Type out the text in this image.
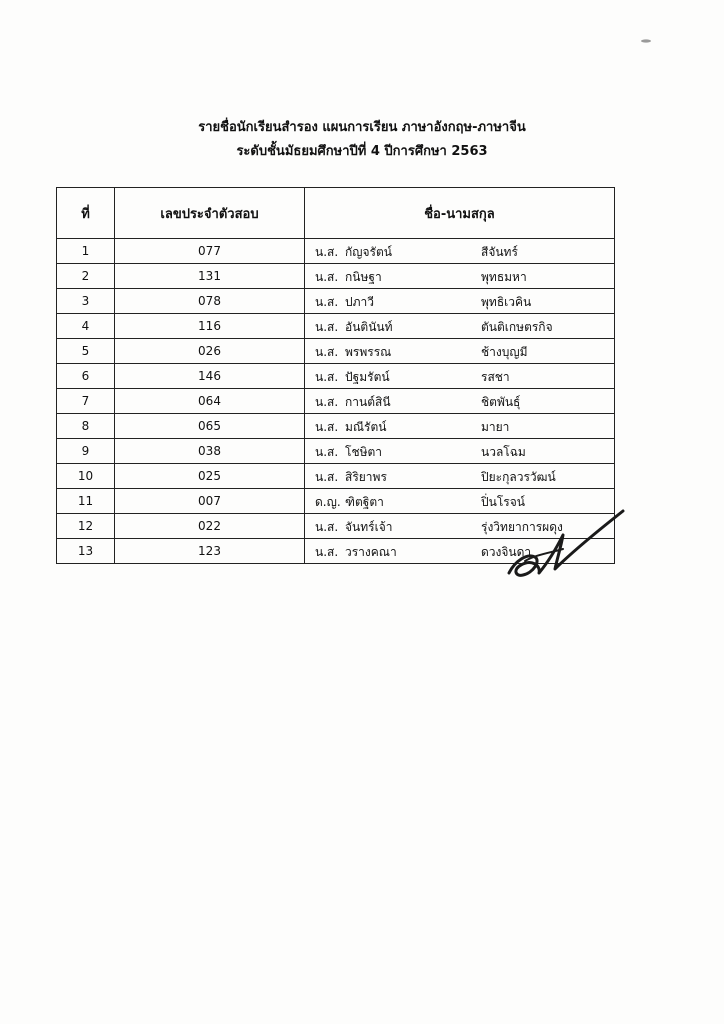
รายชื่อนักเรียนสำรอง แผนการเรียน ภาษาอังกฤษ-ภาษาจีน
ระดับชั้นมัธยมศึกษาปีที่ 4 ปีการศึกษา 2563
ที่	เลขประจำตัวสอบ	ชื่อ-นามสกุล
1	077	น.ส. กัญจรัตน์ สีจันทร์

2	131	น.ส. กนิษฐา พุทธมหา

3	078	น.ส. ปภาวี พุทธิเวคิน

4	116	น.ส. อันตินันท์ ตันติเกษตรกิจ

5	026	น.ส. พรพรรณ ช้างบุญมี

6	146	น.ส. ปัฐมรัตน์ รสชา

7	064	น.ส. กานต์สินี ชิตพันธุ์

8	065	น.ส. มณีรัตน์ มายา

9	038	น.ส. โชษิตา นวลโฉม

10	025	น.ส. สิริยาพร ปิยะกุลวรวัฒน์

11	007	ด.ญ. ฑิตฐิตา ปิ่นโรจน์

12	022	น.ส. จันทร์เจ้า รุ่งวิทยาการผดุง

13	123	น.ส. วรางคณา ดวงจินดา
